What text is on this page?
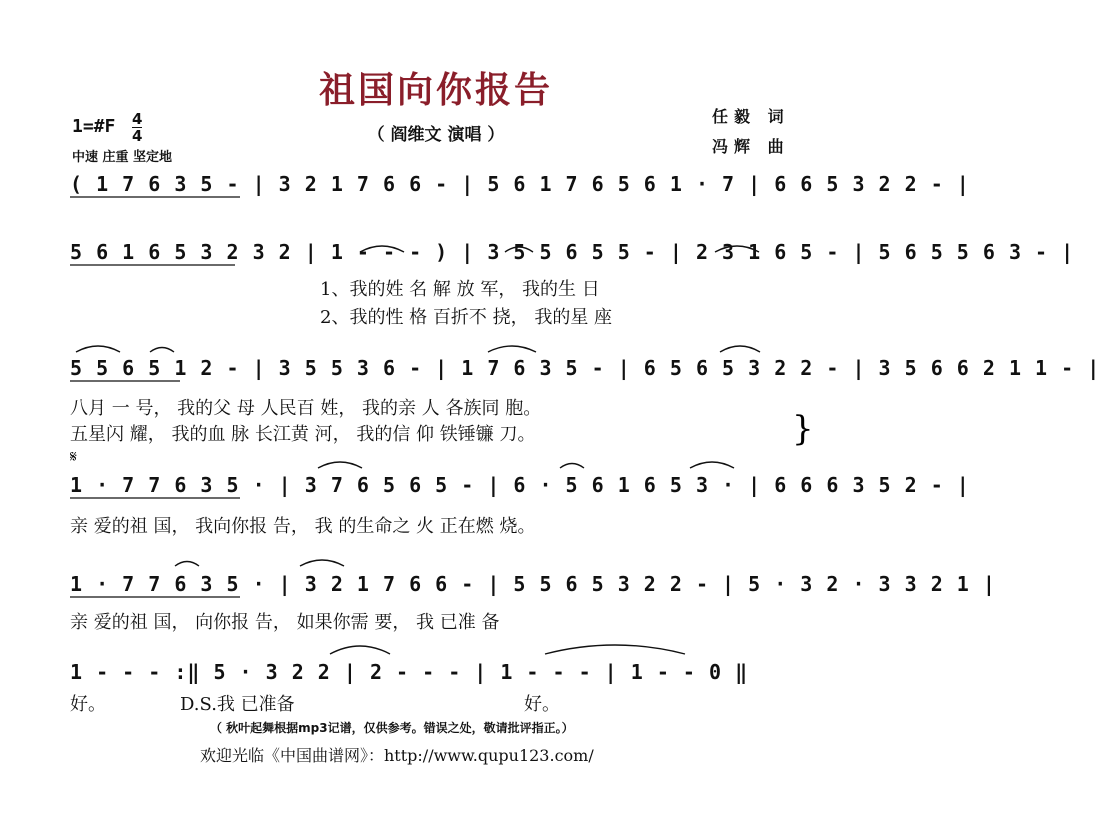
祖国向你报告
（ 阎维文 演唱 ）
1=#F 4
4
中速 庄重 坚定地
任毅 词
冯辉 曲
( 1 7 6 3 5 - | 3 2 1 7 6 6 - | 5 6 1 7 6 5 6 1 · 7 | 6 6 5 3 2 2 - |
5 6 1 6 5 3 2 3 2 | 1 - - - ) | 3 5 5 6 5 5 - | 2 3 1 6 5 - | 5 6 5 5 6 3 - |
5 5 6 5 1 2 - | 3 5 5 3 6 - | 1 7 6 3 5 - | 6 5 6 5 3 2 2 - | 3 5 6 6 2 1 1 - |
1 · 7 7 6 3 5 · | 3 7 6 5 6 5 - | 6 · 5 6 1 6 5 3 · | 6 6 6 3 5 2 - |
1 · 7 7 6 3 5 · | 3 2 1 7 6 6 - | 5 5 6 5 3 2 2 - | 5 · 3 2 · 3 3 2 1 |
1 - - - :‖ 5 · 3 2 2 | 2 - - - | 1 - - - | 1 - - 0 ‖
1、我的姓 名 解 放 军， 我的生 日
2、我的性 格 百折不 挠， 我的星 座
八月 一 号， 我的父 母 人民百 姓， 我的亲 人 各族同 胞。
五星闪 耀， 我的血 脉 长江黄 河， 我的信 仰 铁锤镰 刀。
亲 爱的祖 国， 我向你报 告， 我 的生命之 火 正在燃 烧。
亲 爱的祖 国， 向你报 告， 如果你需 要， 我 已准 备
好。	D.S.我 已准备	好。
𝄋
}
（ 秋叶起舞根据mp3记谱，仅供参考。错误之处，敬请批评指正。）
欢迎光临《中国曲谱网》：http://www.qupu123.com/
